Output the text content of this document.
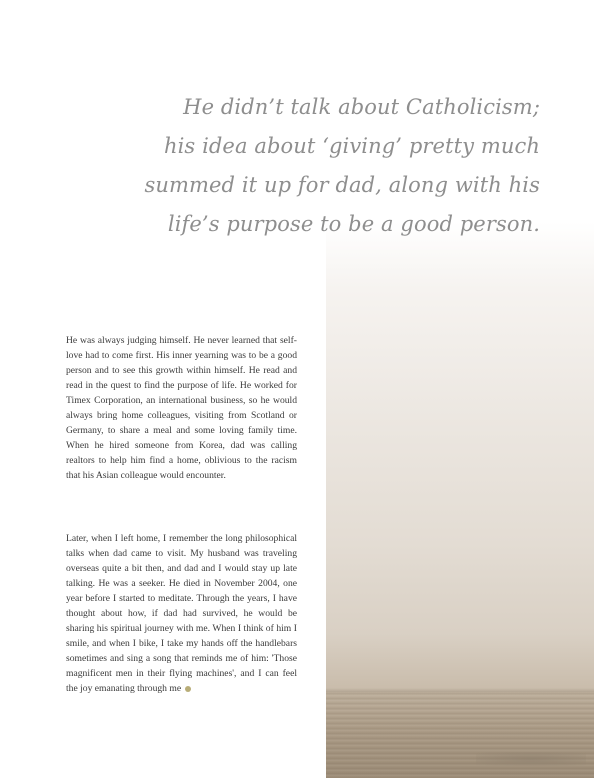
He didn’t talk about Catholicism;
his idea about ‘giving’ pretty much
summed it up for dad, along with his
life’s purpose to be a good person.

He was always judging himself. He never learned that self-love had to come first. His inner yearning was to be a good person and to see this growth within himself. He read and read in the quest to find the purpose of life. He worked for Timex Corporation, an international business, so he would always bring home colleagues, visiting from Scotland or Germany, to share a meal and some loving family time. When he hired someone from Korea, dad was calling realtors to help him find a home, oblivious to the racism that his Asian colleague would encounter.

Later, when I left home, I remember the long philosophical talks when dad came to visit. My husband was traveling overseas quite a bit then, and dad and I would stay up late talking. He was a seeker. He died in November 2004, one year before I started to meditate. Through the years, I have thought about how, if dad had survived, he would be sharing his spiritual journey with me. When I think of him I smile, and when I bike, I take my hands off the handlebars sometimes and sing a song that reminds me of him: 'Those magnificent men in their flying machines', and I can feel the joy emanating through me
